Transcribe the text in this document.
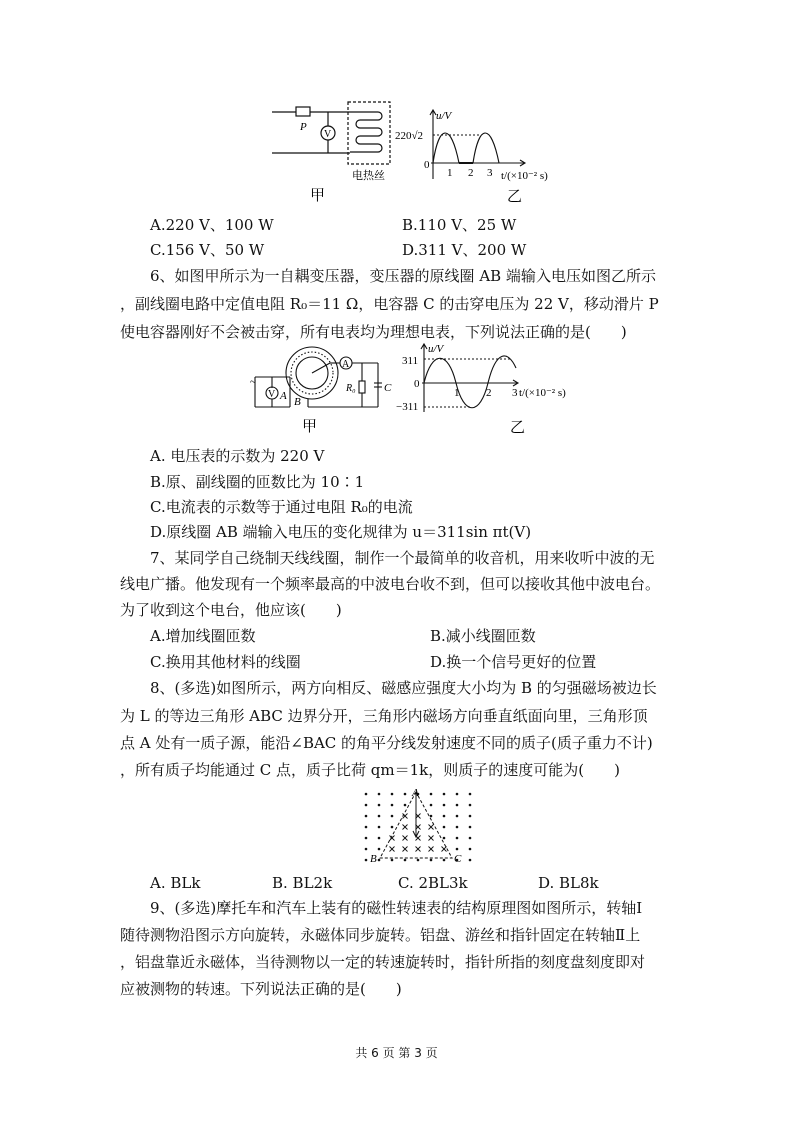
P
V
电热丝
甲
u/V
220√2
0
1 2 3 t/(×10⁻² s)
乙
A.220 V、100 W	B.110 V、25 W
C.156 V、50 W	D.311 V、200 W
6、如图甲所示为一自耦变压器，变压器的原线圈 AB 端输入电压如图乙所示
，副线圈电路中定值电阻 R₀＝11 Ω，电容器 C 的击穿电压为 22 V，移动滑片 P
使电容器刚好不会被击穿，所有电表均为理想电表，下列说法正确的是(　　)
~
V
A
A B
R₀	C
甲
u/V
311
0
−311
1 2 3 t/(×10⁻² s)
乙
A. 电压表的示数为 220 V
B.原、副线圈的匝数比为 10∶1
C.电流表的示数等于通过电阻 R₀的电流
D.原线圈 AB 端输入电压的变化规律为 u＝311sin πt(V)
7、某同学自己绕制天线线圈，制作一个最简单的收音机，用来收听中波的无
线电广播。他发现有一个频率最高的中波电台收不到，但可以接收其他中波电台。
为了收到这个电台，他应该(　　)
A.增加线圈匝数	B.减小线圈匝数
C.换用其他材料的线圈	D.换一个信号更好的位置
8、(多选)如图所示，两方向相反、磁感应强度大小均为 B 的匀强磁场被边长
为 L 的等边三角形 ABC 边界分开，三角形内磁场方向垂直纸面向里，三角形顶
点 A 处有一质子源，能沿∠BAC 的角平分线发射速度不同的质子(质子重力不计)
，所有质子均能通过 C 点，质子比荷 qm＝1k，则质子的速度可能为(　　)
A
B	C
A. BLk	B. BL2k	C. 2BL3k	D. BL8k
9、(多选)摩托车和汽车上装有的磁性转速表的结构原理图如图所示，转轴Ⅰ
随待测物沿图示方向旋转，永磁体同步旋转。铝盘、游丝和指针固定在转轴Ⅱ上
，铝盘靠近永磁体，当待测物以一定的转速旋转时，指针所指的刻度盘刻度即对
应被测物的转速。下列说法正确的是(　　)
共 6 页 第 3 页
